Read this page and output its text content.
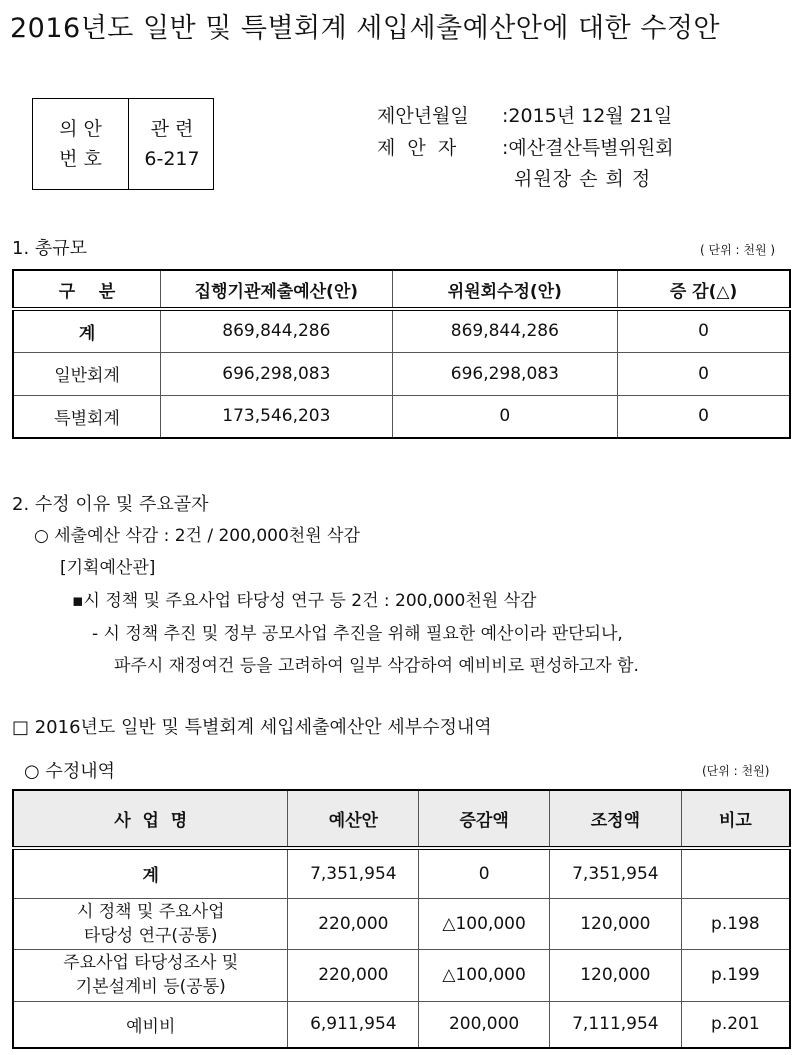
2016년도 일반 및 특별회계 세입세출예산안에 대한 수정안
의 안
번 호
관 련
6-217
제안년월일 :2015년 12월 21일
제  안  자 :예산결산특별위원회
위원장 손 희 정
1. 총규모	( 단위 : 천원 )
구    분	집행기관제출예산(안)	위원회수정(안)	증 감(△)
계	869,844,286	869,844,286	0
일반회계	696,298,083	696,298,083	0
특별회계	173,546,203	0	0
2. 수정 이유 및 주요골자
○ 세출예산 삭감 : 2건 / 200,000천원 삭감
[기획예산관]
▪시 정책 및 주요사업 타당성 연구 등 2건 : 200,000천원 삭감
- 시 정책 추진 및 정부 공모사업 추진을 위해 필요한 예산이라 판단되나,
파주시 재정여건 등을 고려하여 일부 삭감하여 예비비로 편성하고자 함.
□ 2016년도 일반 및 특별회계 세입세출예산안 세부수정내역
○ 수정내역	(단위 : 천원)
사  업  명	예산안	증감액	조정액	비고
계	7,351,954	0	7,351,954	

시 정책 및 주요사업
타당성 연구(공통)	220,000	△100,000	120,000	p.198

주요사업 타당성조사 및
기본설계비 등(공통)	220,000	△100,000	120,000	p.199
예비비	6,911,954	200,000	7,111,954	p.201
